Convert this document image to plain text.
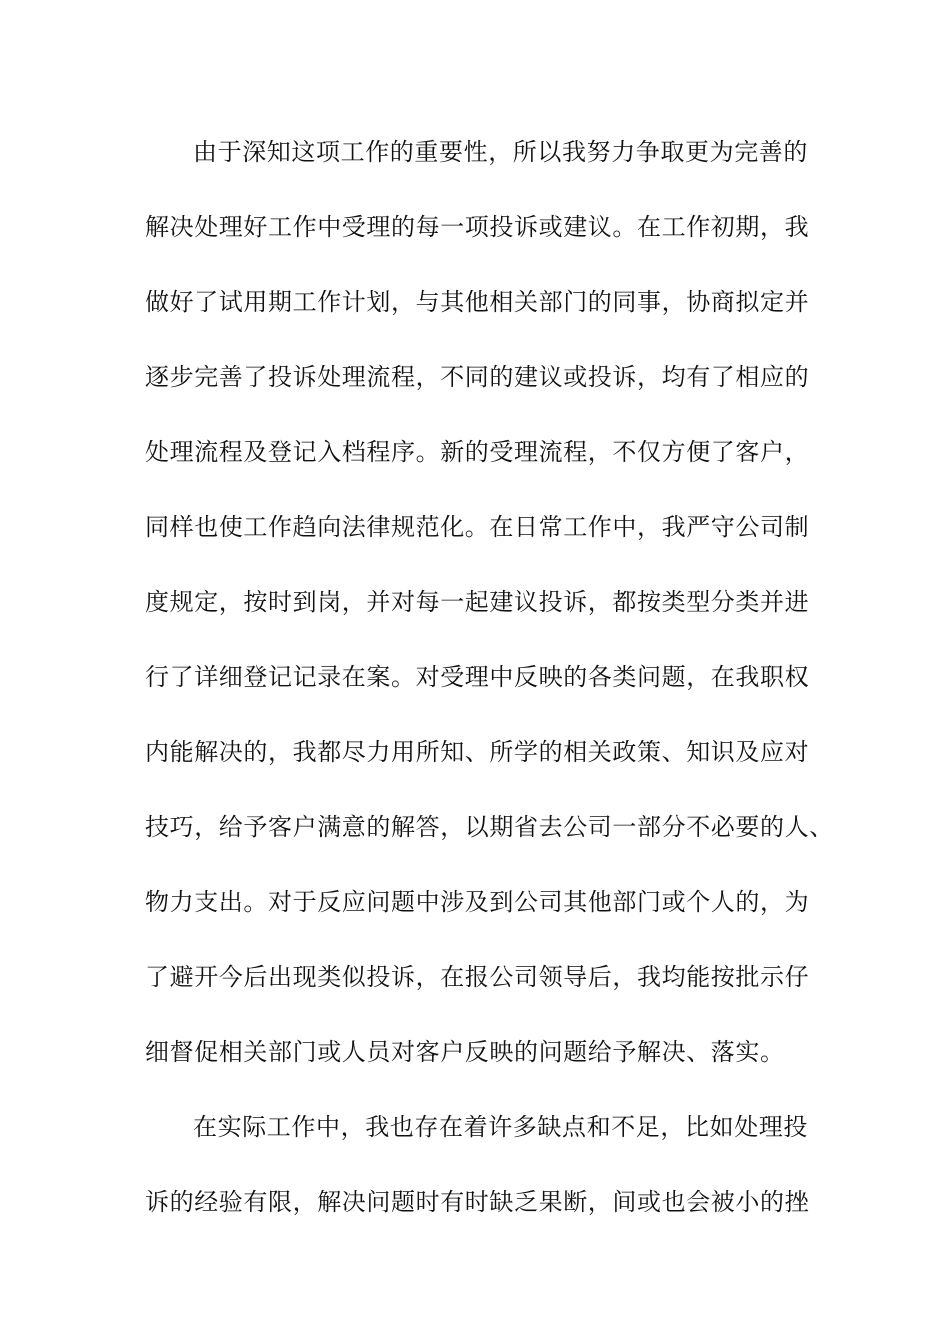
由于深知这项工作的重要性，所以我努力争取更为完善的
解决处理好工作中受理的每一项投诉或建议。在工作初期，我
做好了试用期工作计划，与其他相关部门的同事，协商拟定并
逐步完善了投诉处理流程，不同的建议或投诉，均有了相应的
处理流程及登记入档程序。新的受理流程，不仅方便了客户，
同样也使工作趋向法律规范化。在日常工作中，我严守公司制
度规定，按时到岗，并对每一起建议投诉，都按类型分类并进
行了详细登记记录在案。对受理中反映的各类问题，在我职权
内能解决的，我都尽力用所知、所学的相关政策、知识及应对
技巧，给予客户满意的解答，以期省去公司一部分不必要的人、
物力支出。对于反应问题中涉及到公司其他部门或个人的，为
了避开今后出现类似投诉，在报公司领导后，我均能按批示仔
细督促相关部门或人员对客户反映的问题给予解决、落实。
在实际工作中，我也存在着许多缺点和不足，比如处理投
诉的经验有限，解决问题时有时缺乏果断，间或也会被小的挫
